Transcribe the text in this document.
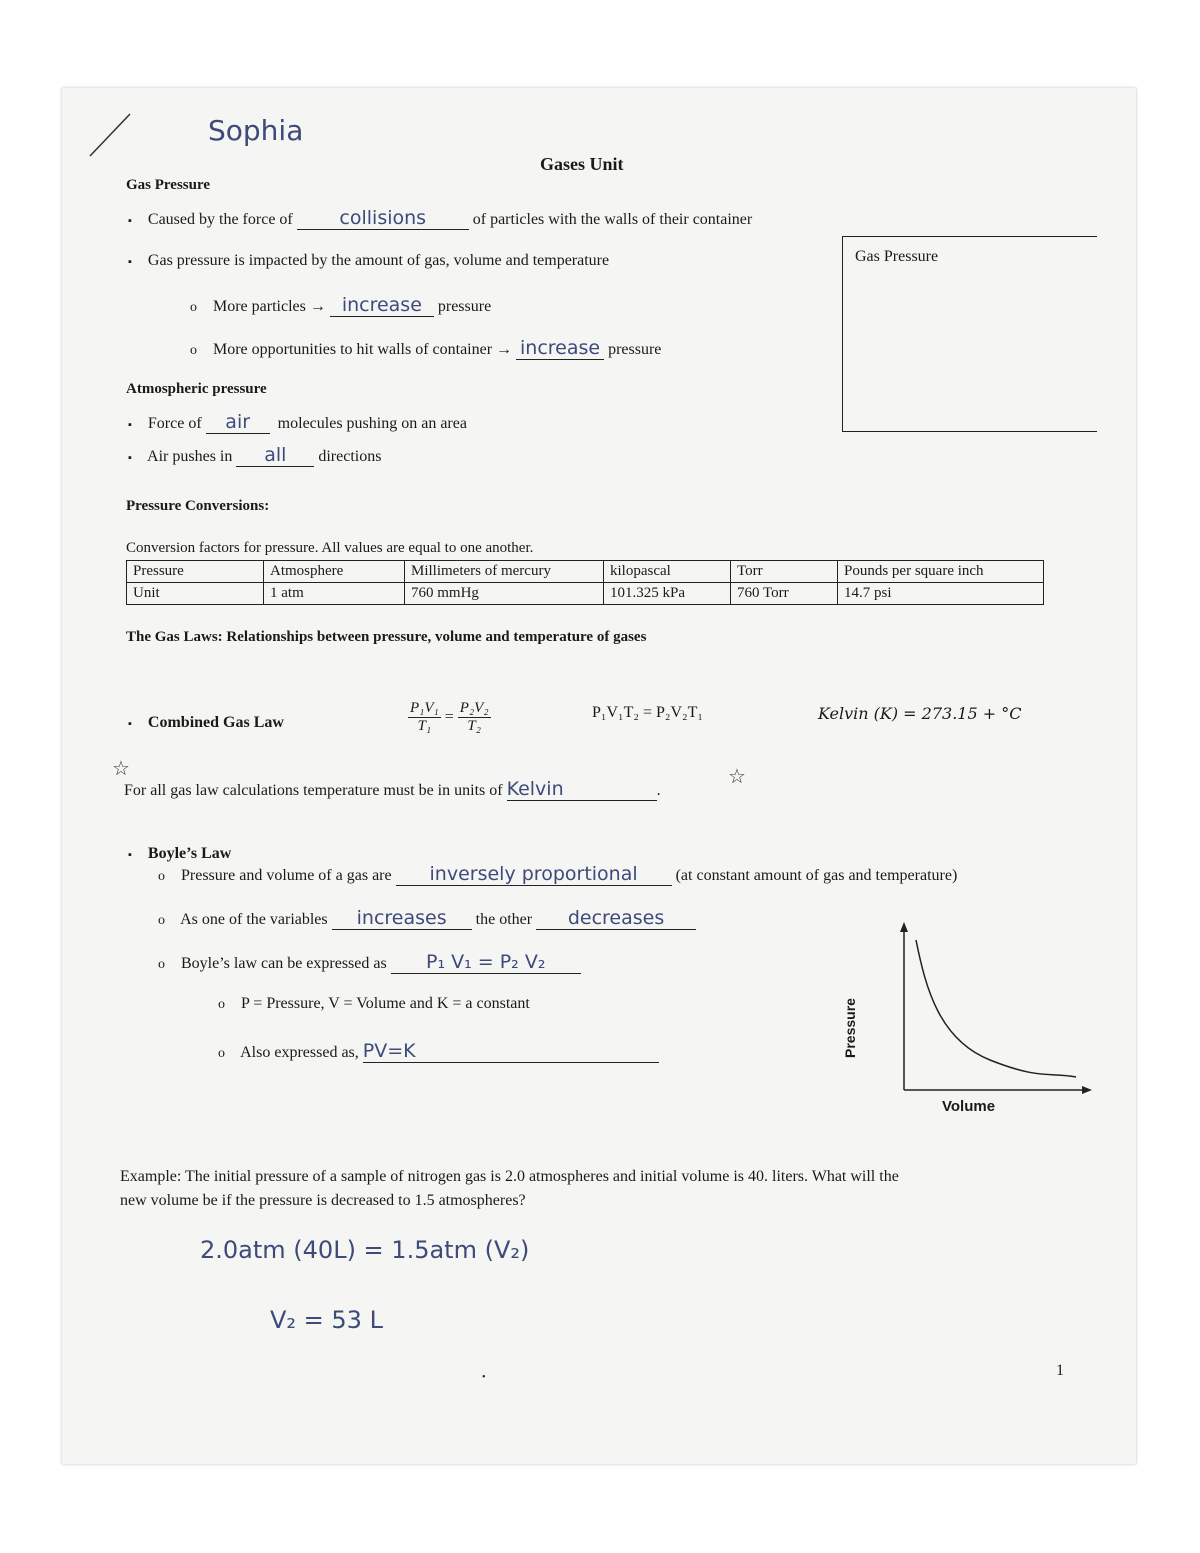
Sophia
Gases Unit
Gas Pressure
▪ Caused by the force of collisions	of particles with the walls of their container
▪ Gas pressure is impacted by the amount of gas, volume and temperature
o More particles → increase pressure
o More opportunities to hit walls of container → increase pressure
Gas Pressure
Atmospheric pressure
▪ Force of air molecules pushing on an area
▪ Air pushes in all directions
Pressure Conversions:
Conversion factors for pressure. All values are equal to one another.
Pressure	Atmosphere	Millimeters of mercury	kilopascal	Torr	Pounds per square inch
Unit	1 atm	760 mmHg	101.325 kPa	760 Torr	14.7 psi
The Gas Laws: Relationships between pressure, volume and temperature of gases
▪ Combined Gas Law	$\frac{\text{P₁V₁}}{\text{T₁}} = \frac{\text{P₂V₂}}{\text{T₂}}$	P₁V₁T₂ = P₂V₂T₁	Kelvin (K) = 273.15 + °C
☆
For all gas law calculations temperature must be in units of Kelvin	.
☆
▪ Boyle’s Law
o Pressure and volume of a gas are inversely proportional (at constant amount of gas and temperature)
o As one of the variables increases the other decreases
o Boyle’s law can be expressed as P₁ V₁ = P₂ V₂
o P = Pressure, V = Volume and K = a constant
o Also expressed as, PV=K	Pressure
Volume
Example: The initial pressure of a sample of nitrogen gas is 2.0 atmospheres and initial volume is 40. liters. What will the
new volume be if the pressure is decreased to 1.5 atmospheres?
2.0atm (40L) = 1.5atm (V₂)
V₂ = 53 L
•	1
